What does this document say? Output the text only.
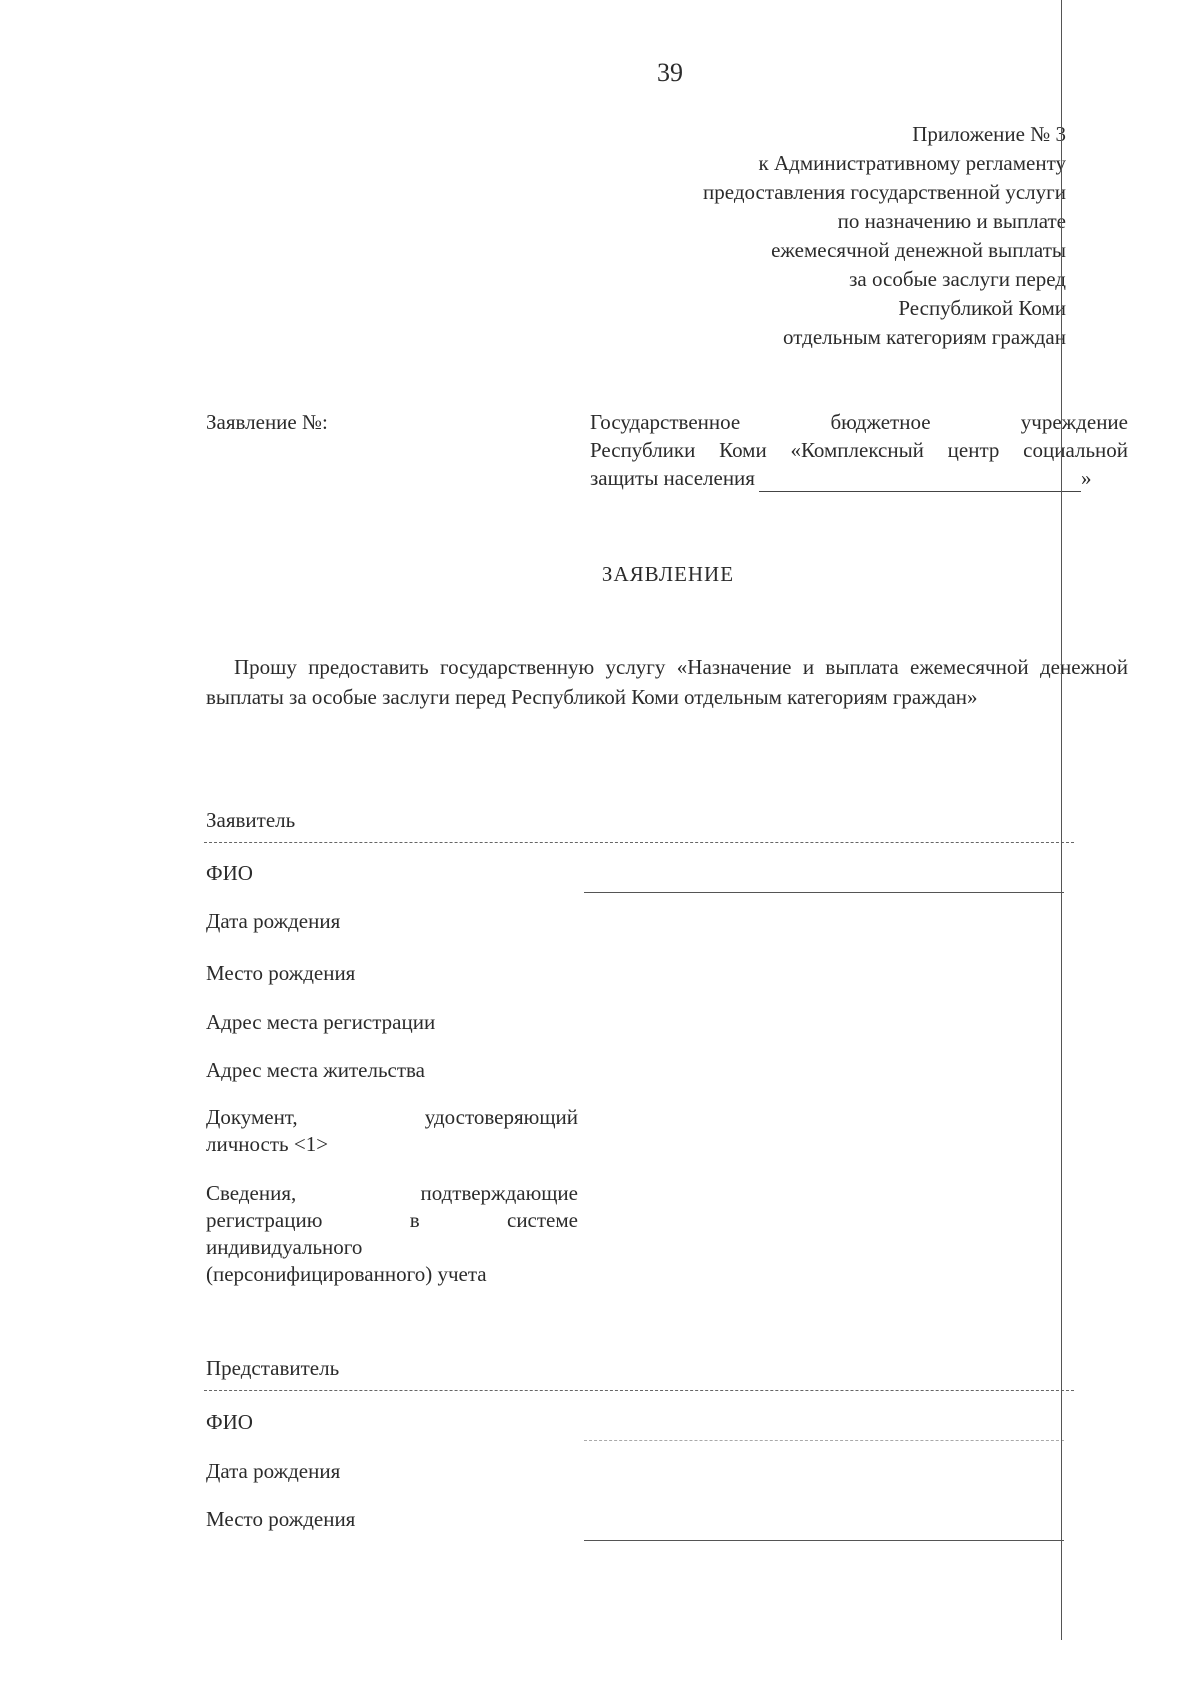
39
Приложение № 3
к Административному регламенту
предоставления государственной услуги
по назначению и выплате
ежемесячной денежной выплаты
за особые заслуги перед
Республикой Коми
отдельным категориям граждан
Заявление №:	Государственное бюджетное учреждение
Республики Коми «Комплексный центр социальной
защиты населения	»
ЗАЯВЛЕНИЕ
Прошу предоставить государственную услугу «Назначение и выплата ежемесячной денежной выплаты за особые заслуги перед Республикой Коми отдельным категориям граждан»
Заявитель
ФИО
Дата рождения
Место рождения
Адрес места регистрации
Адрес места жительства
Документ, удостоверяющий
личность <1>
Сведения, подтверждающие
регистрацию в системе
индивидуального
(персонифицированного) учета
Представитель
ФИО
Дата рождения
Место рождения
